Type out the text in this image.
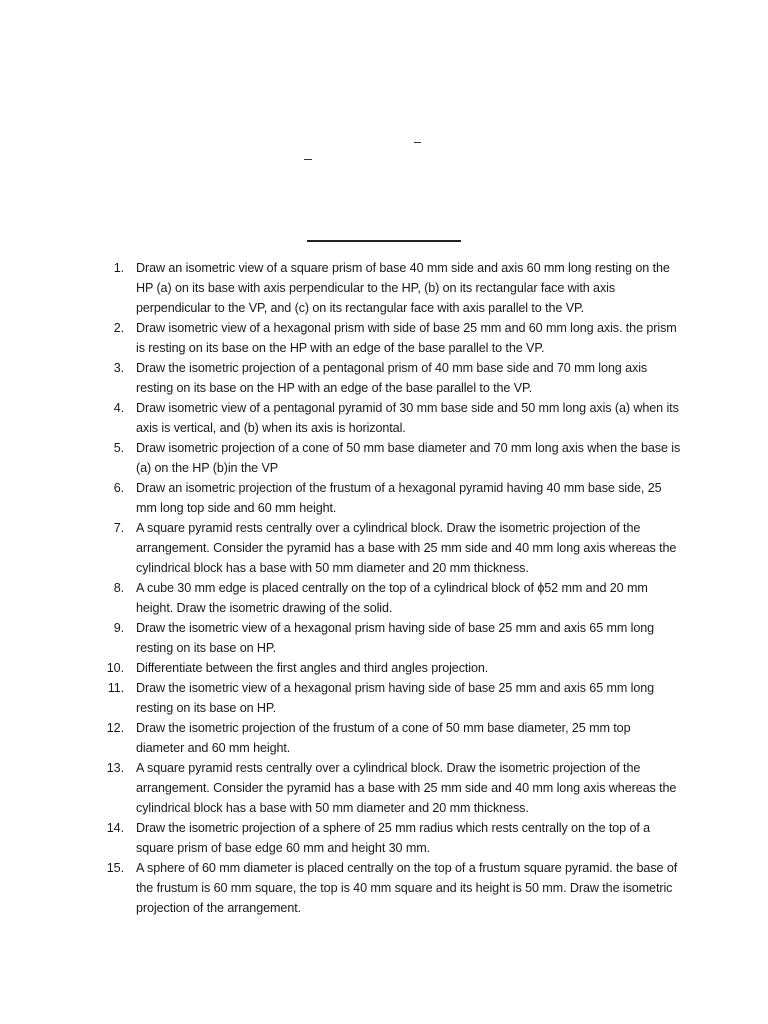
1. Draw an isometric view of a square prism of base 40 mm side and axis 60 mm long resting on the HP (a) on its base with axis perpendicular to the HP, (b) on its rectangular face with axis perpendicular to the VP, and (c) on its rectangular face with axis parallel to the VP.
2. Draw isometric view of a hexagonal prism with side of base 25 mm and 60 mm long axis. the prism is resting on its base on the HP with an edge of the base parallel to the VP.
3. Draw the isometric projection of a pentagonal prism of 40 mm base side and 70 mm long axis resting on its base on the HP with an edge of the base parallel to the VP.
4. Draw isometric view of a pentagonal pyramid of 30 mm base side and 50 mm long axis (a) when its axis is vertical, and (b) when its axis is horizontal.
5. Draw isometric projection of a cone of 50 mm base diameter and 70 mm long axis when the base is (a) on the HP (b)in the VP
6. Draw an isometric projection of the frustum of a hexagonal pyramid having 40 mm base side, 25 mm long top side and 60 mm height.
7. A square pyramid rests centrally over a cylindrical block. Draw the isometric projection of the arrangement. Consider the pyramid has a base with 25 mm side and 40 mm long axis whereas the cylindrical block has a base with 50 mm diameter and 20 mm thickness.
8. A cube 30 mm edge is placed centrally on the top of a cylindrical block of ϕ52 mm and 20 mm height. Draw the isometric drawing of the solid.
9. Draw the isometric view of a hexagonal prism having side of base 25 mm and axis 65 mm long resting on its base on HP.
10. Differentiate between the first angles and third angles projection.
11. Draw the isometric view of a hexagonal prism having side of base 25 mm and axis 65 mm long resting on its base on HP.
12. Draw the isometric projection of the frustum of a cone of 50 mm base diameter, 25 mm top diameter and 60 mm height.
13. A square pyramid rests centrally over a cylindrical block. Draw the isometric projection of the arrangement. Consider the pyramid has a base with 25 mm side and 40 mm long axis whereas the cylindrical block has a base with 50 mm diameter and 20 mm thickness.
14. Draw the isometric projection of a sphere of 25 mm radius which rests centrally on the top of a square prism of base edge 60 mm and height 30 mm.
15. A sphere of 60 mm diameter is placed centrally on the top of a frustum square pyramid. the base of the frustum is 60 mm square, the top is 40 mm square and its height is 50 mm. Draw the isometric projection of the arrangement.
